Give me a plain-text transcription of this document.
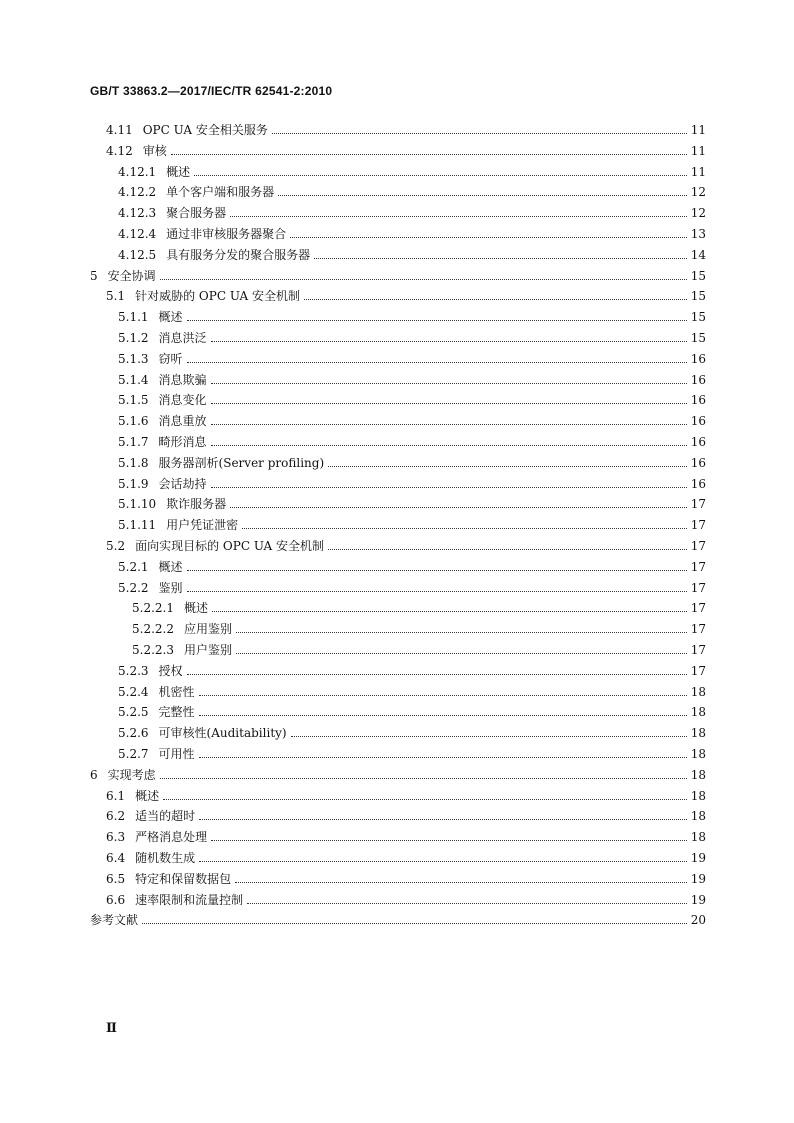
GB/T 33863.2—2017/IEC/TR 62541-2:2010
4.11 OPC UA 安全相关服务	11
4.12 审核	11
4.12.1 概述	11
4.12.2 单个客户端和服务器	12
4.12.3 聚合服务器	12
4.12.4 通过非审核服务器聚合	13
4.12.5 具有服务分发的聚合服务器	14
5 安全协调	15
5.1 针对威胁的 OPC UA 安全机制	15
5.1.1 概述	15
5.1.2 消息洪泛	15
5.1.3 窃听	16
5.1.4 消息欺骗	16
5.1.5 消息变化	16
5.1.6 消息重放	16
5.1.7 畸形消息	16
5.1.8 服务器剖析(Server profiling)	16
5.1.9 会话劫持	16
5.1.10 欺诈服务器	17
5.1.11 用户凭证泄密	17
5.2 面向实现目标的 OPC UA 安全机制	17
5.2.1 概述	17
5.2.2 鉴别	17
5.2.2.1 概述	17
5.2.2.2 应用鉴别	17
5.2.2.3 用户鉴别	17
5.2.3 授权	17
5.2.4 机密性	18
5.2.5 完整性	18
5.2.6 可审核性(Auditability)	18
5.2.7 可用性	18
6 实现考虑	18
6.1 概述	18
6.2 适当的超时	18
6.3 严格消息处理	18
6.4 随机数生成	19
6.5 特定和保留数据包	19
6.6 速率限制和流量控制	19
参考文献	20
Ⅱ
